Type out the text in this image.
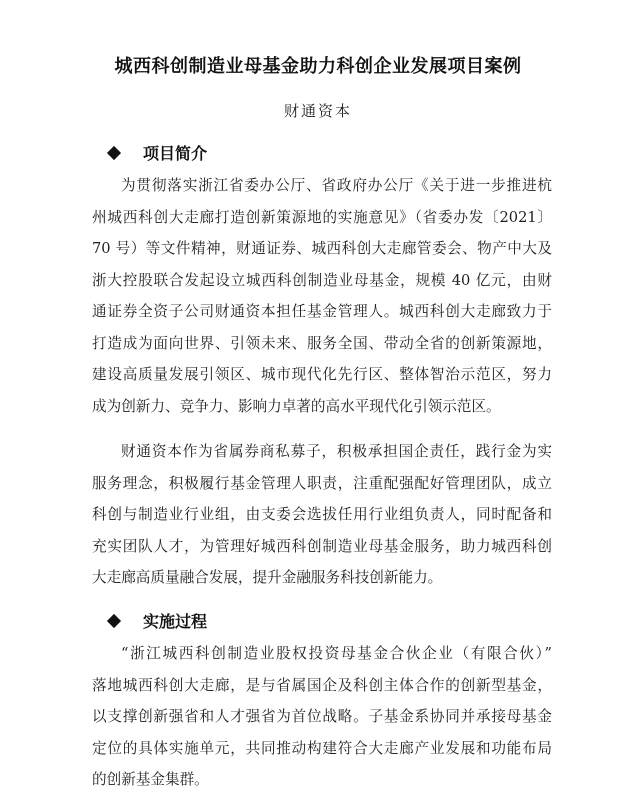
城西科创制造业母基金助力科创企业发展项目案例
财通资本
项目简介
为贯彻落实浙江省委办公厅、省政府办公厅《关于进一步推进杭
州城西科创大走廊打造创新策源地的实施意见》（省委办发〔2021〕
70 号）等文件精神，财通证券、城西科创大走廊管委会、物产中大及
浙大控股联合发起设立城西科创制造业母基金，规模 40 亿元，由财
通证券全资子公司财通资本担任基金管理人。城西科创大走廊致力于
打造成为面向世界、引领未来、服务全国、带动全省的创新策源地，
建设高质量发展引领区、城市现代化先行区、整体智治示范区，努力
成为创新力、竞争力、影响力卓著的高水平现代化引领示范区。
财通资本作为省属券商私募子，积极承担国企责任，践行金为实
服务理念，积极履行基金管理人职责，注重配强配好管理团队，成立
科创与制造业行业组，由支委会选拔任用行业组负责人，同时配备和
充实团队人才，为管理好城西科创制造业母基金服务，助力城西科创
大走廊高质量融合发展，提升金融服务科技创新能力。
实施过程
“浙江城西科创制造业股权投资母基金合伙企业（有限合伙）”
落地城西科创大走廊，是与省属国企及科创主体合作的创新型基金，
以支撑创新强省和人才强省为首位战略。子基金系协同并承接母基金
定位的具体实施单元，共同推动构建符合大走廊产业发展和功能布局
的创新基金集群。
